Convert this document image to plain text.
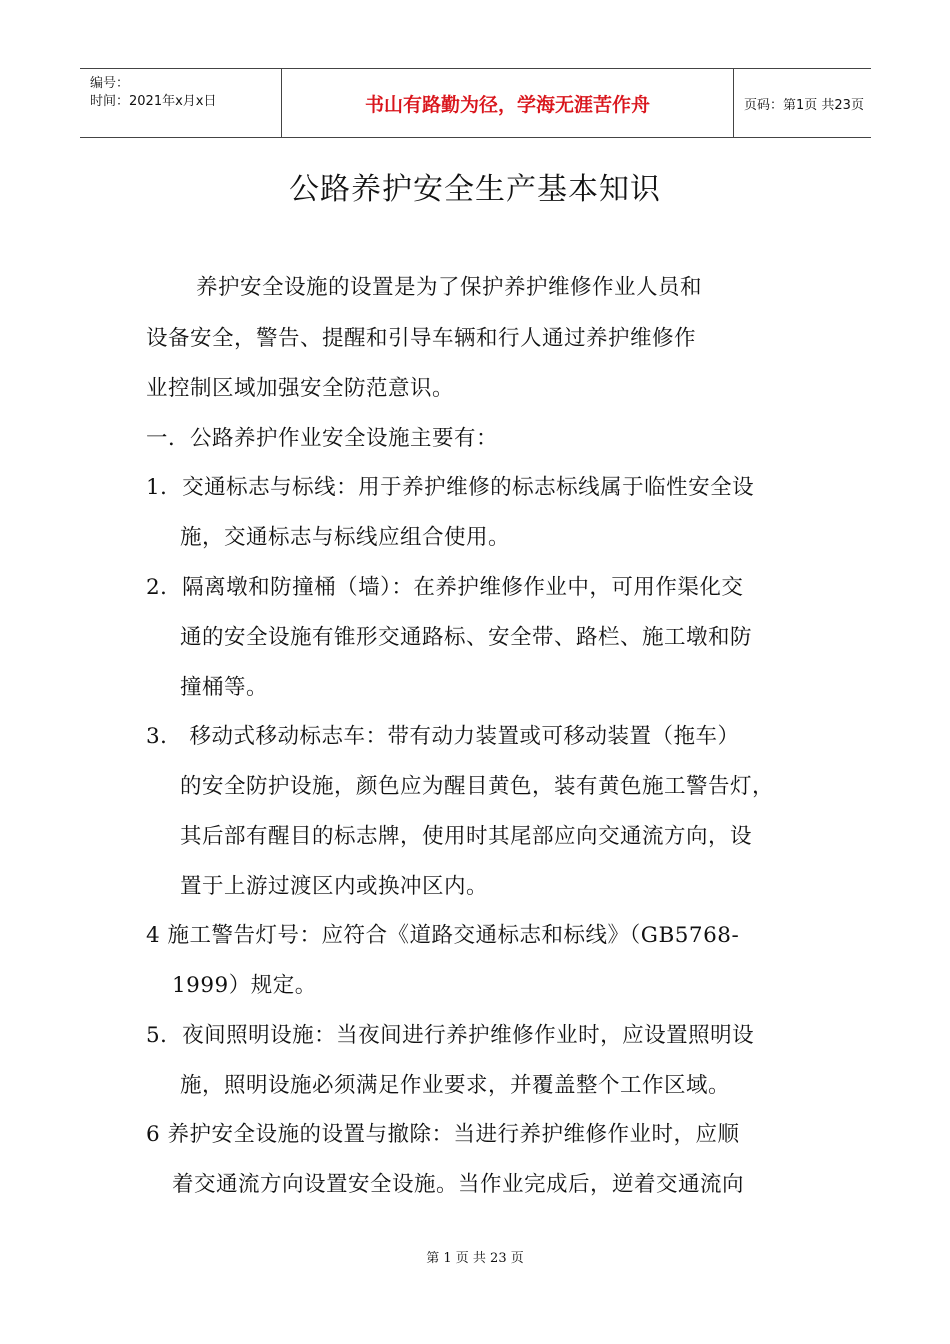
编号：
时间：2021年x月x日	书山有路勤为径，学海无涯苦作舟	页码：第1页 共23页
公路养护安全生产基本知识
养护安全设施的设置是为了保护养护维修作业人员和
设备安全，警告、提醒和引导车辆和行人通过养护维修作
业控制区域加强安全防范意识。
一．公路养护作业安全设施主要有：
1．交通标志与标线：用于养护维修的标志标线属于临性安全设
施，交通标志与标线应组合使用。
2．隔离墩和防撞桶（墙）：在养护维修作业中，可用作渠化交
通的安全设施有锥形交通路标、安全带、路栏、施工墩和防
撞桶等。
3． 移动式移动标志车：带有动力装置或可移动装置（拖车）
的安全防护设施，颜色应为醒目黄色，装有黄色施工警告灯，
其后部有醒目的标志牌，使用时其尾部应向交通流方向，设
置于上游过渡区内或换冲区内。
4 施工警告灯号：应符合《道路交通标志和标线》（GB5768-
1999）规定。
5．夜间照明设施：当夜间进行养护维修作业时，应设置照明设
施，照明设施必须满足作业要求，并覆盖整个工作区域。
6 养护安全设施的设置与撤除：当进行养护维修作业时，应顺
着交通流方向设置安全设施。当作业完成后，逆着交通流向
第 1 页 共 23 页
